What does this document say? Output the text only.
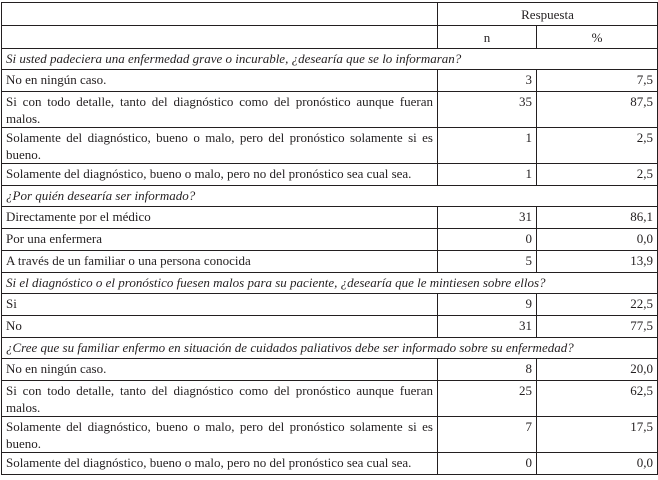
	Respuesta	
	n	%
Si usted padeciera una enfermedad grave o incurable, ¿desearía que se lo informaran?		
No en ningún caso.	3	7,5
Si con todo detalle, tanto del diagnóstico como del pronóstico aunque fueran malos.	35	87,5
Solamente del diagnóstico, bueno o malo, pero del pronóstico solamente si es bueno.	1	2,5
Solamente del diagnóstico, bueno o malo, pero no del pronóstico sea cual sea.	1	2,5
¿Por quién desearía ser informado?		
Directamente por el médico	31	86,1
Por una enfermera	0	0,0
A través de un familiar o una persona conocida	5	13,9
Si el diagnóstico o el pronóstico fuesen malos para su paciente, ¿desearía que le mintiesen sobre ellos?		
Si	9	22,5
No	31	77,5
¿Cree que su familiar enfermo en situación de cuidados paliativos debe ser informado sobre su enfermedad?		
No en ningún caso.	8	20,0
Si con todo detalle, tanto del diagnóstico como del pronóstico aunque fueran malos.	25	62,5
Solamente del diagnóstico, bueno o malo, pero del pronóstico solamente si es bueno.	7	17,5
Solamente del diagnóstico, bueno o malo, pero no del pronóstico sea cual sea.	0	0,0
